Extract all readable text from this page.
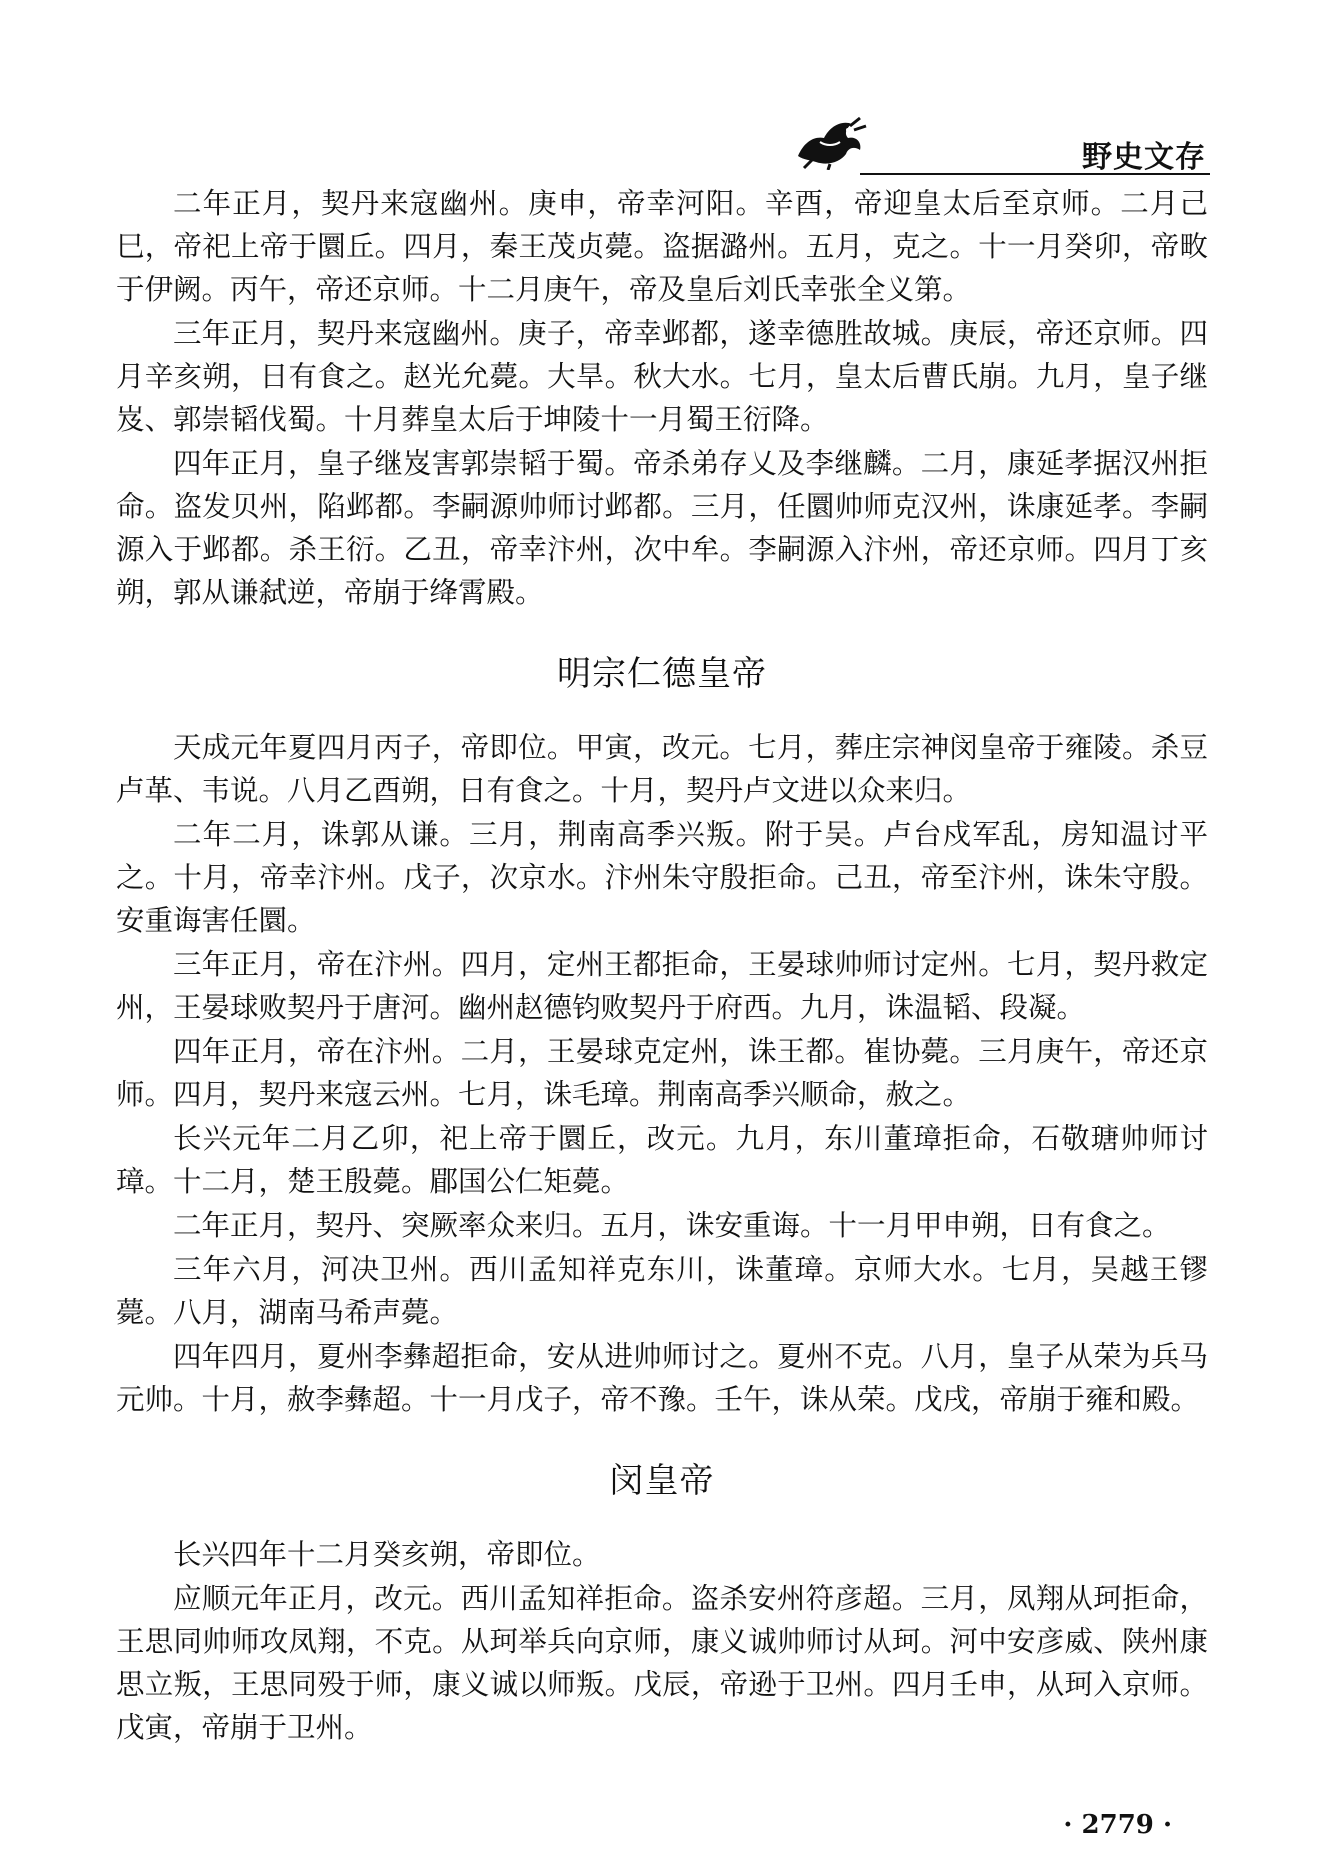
野史文存

二年正月，契丹来寇幽州。庚申，帝幸河阳。辛酉，帝迎皇太后至京师。二月己巳，帝祀上帝于圜丘。四月，秦王茂贞薨。盗据潞州。五月，克之。十一月癸卯，帝畋于伊阙。丙午，帝还京师。十二月庚午，帝及皇后刘氏幸张全义第。

三年正月，契丹来寇幽州。庚子，帝幸邺都，遂幸德胜故城。庚辰，帝还京师。四月辛亥朔，日有食之。赵光允薨。大旱。秋大水。七月，皇太后曹氏崩。九月，皇子继岌、郭崇韬伐蜀。十月葬皇太后于坤陵十一月蜀王衍降。

四年正月，皇子继岌害郭崇韬于蜀。帝杀弟存乂及李继麟。二月，康延孝据汉州拒命。盗发贝州，陷邺都。李嗣源帅师讨邺都。三月，任圜帅师克汉州，诛康延孝。李嗣源入于邺都。杀王衍。乙丑，帝幸汴州，次中牟。李嗣源入汴州，帝还京师。四月丁亥朔，郭从谦弑逆，帝崩于绛霄殿。

明宗仁德皇帝

天成元年夏四月丙子，帝即位。甲寅，改元。七月，葬庄宗神闵皇帝于雍陵。杀豆卢革、韦说。八月乙酉朔，日有食之。十月，契丹卢文进以众来归。

二年二月，诛郭从谦。三月，荆南高季兴叛。附于吴。卢台戍军乱，房知温讨平之。十月，帝幸汴州。戊子，次京水。汴州朱守殷拒命。己丑，帝至汴州，诛朱守殷。安重诲害任圜。

三年正月，帝在汴州。四月，定州王都拒命，王晏球帅师讨定州。七月，契丹救定州，王晏球败契丹于唐河。幽州赵德钧败契丹于府西。九月，诛温韬、段凝。

四年正月，帝在汴州。二月，王晏球克定州，诛王都。崔协薨。三月庚午，帝还京师。四月，契丹来寇云州。七月，诛毛璋。荆南高季兴顺命，赦之。

长兴元年二月乙卯，祀上帝于圜丘，改元。九月，东川董璋拒命，石敬瑭帅师讨璋。十二月，楚王殷薨。郿国公仁矩薨。

二年正月，契丹、突厥率众来归。五月，诛安重诲。十一月甲申朔，日有食之。

三年六月，河决卫州。西川孟知祥克东川，诛董璋。京师大水。七月，吴越王镠薨。八月，湖南马希声薨。

四年四月，夏州李彝超拒命，安从进帅师讨之。夏州不克。八月，皇子从荣为兵马元帅。十月，赦李彝超。十一月戊子，帝不豫。壬午，诛从荣。戊戌，帝崩于雍和殿。

闵皇帝

长兴四年十二月癸亥朔，帝即位。

应顺元年正月，改元。西川孟知祥拒命。盗杀安州符彦超。三月，凤翔从珂拒命，王思同帅师攻凤翔，不克。从珂举兵向京师，康义诚帅师讨从珂。河中安彦威、陕州康思立叛，王思同殁于师，康义诚以师叛。戊辰，帝逊于卫州。四月壬申，从珂入京师。戊寅，帝崩于卫州。

· 2779 ·
